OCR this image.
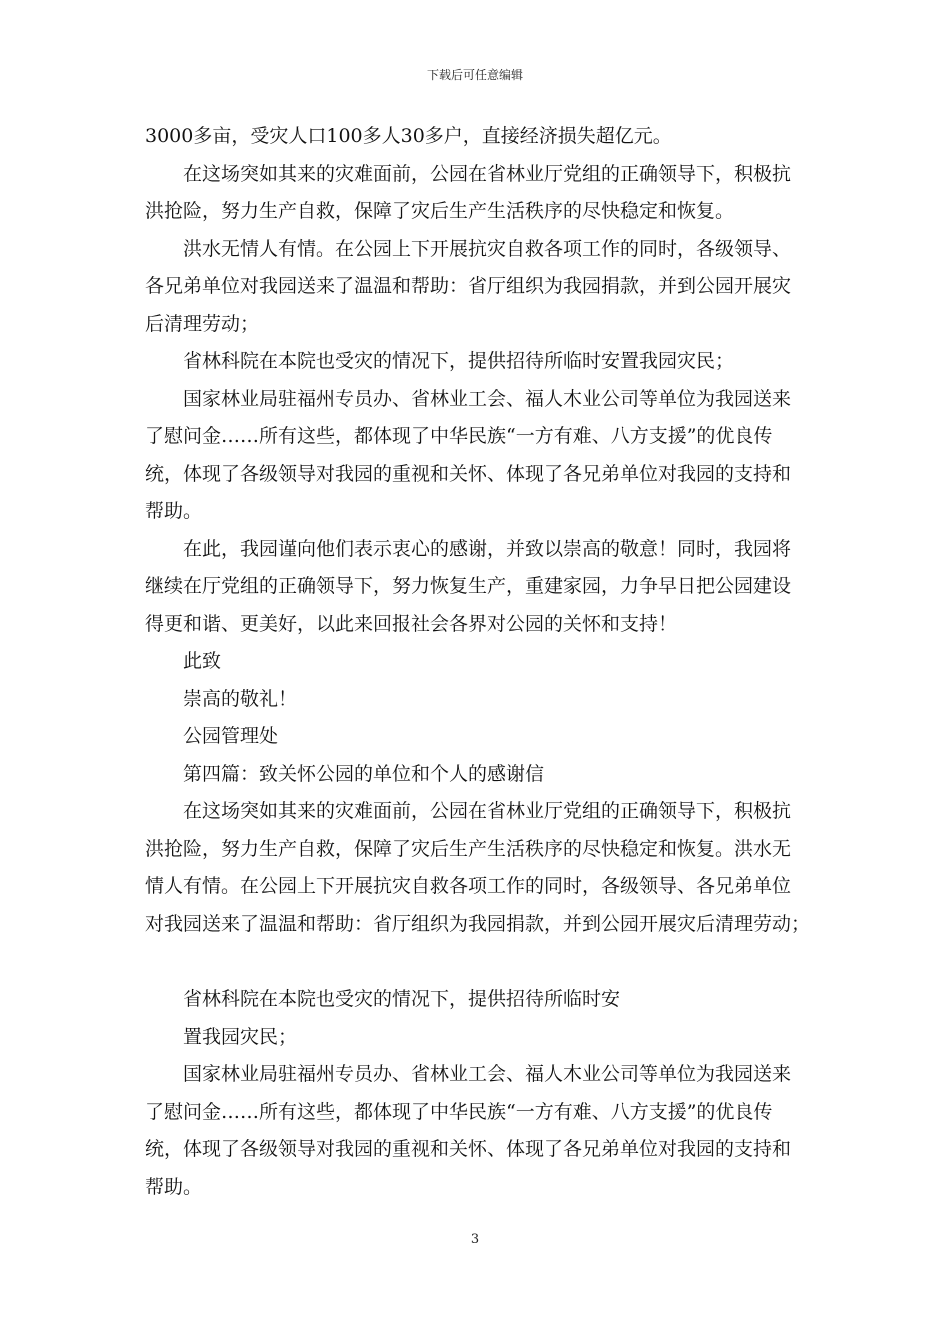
下载后可任意编辑
3000多亩，受灾人口100多人30多户，直接经济损失超亿元。
在这场突如其来的灾难面前，公园在省林业厅党组的正确领导下，积极抗
洪抢险，努力生产自救，保障了灾后生产生活秩序的尽快稳定和恢复。
洪水无情人有情。在公园上下开展抗灾自救各项工作的同时，各级领导、
各兄弟单位对我园送来了温温和帮助：省厅组织为我园捐款，并到公园开展灾
后清理劳动；
省林科院在本院也受灾的情况下，提供招待所临时安置我园灾民；
国家林业局驻福州专员办、省林业工会、福人木业公司等单位为我园送来
了慰问金……所有这些，都体现了中华民族“一方有难、八方支援”的优良传
统，体现了各级领导对我园的重视和关怀、体现了各兄弟单位对我园的支持和
帮助。
在此，我园谨向他们表示衷心的感谢，并致以崇高的敬意！同时，我园将
继续在厅党组的正确领导下，努力恢复生产，重建家园，力争早日把公园建设
得更和谐、更美好，以此来回报社会各界对公园的关怀和支持！
此致
崇高的敬礼！
公园管理处
第四篇：致关怀公园的单位和个人的感谢信
在这场突如其来的灾难面前，公园在省林业厅党组的正确领导下，积极抗
洪抢险，努力生产自救，保障了灾后生产生活秩序的尽快稳定和恢复。洪水无
情人有情。在公园上下开展抗灾自救各项工作的同时，各级领导、各兄弟单位
对我园送来了温温和帮助：省厅组织为我园捐款，并到公园开展灾后清理劳动；
省林科院在本院也受灾的情况下，提供招待所临时安
置我园灾民；
国家林业局驻福州专员办、省林业工会、福人木业公司等单位为我园送来
了慰问金……所有这些，都体现了中华民族“一方有难、八方支援”的优良传
统，体现了各级领导对我园的重视和关怀、体现了各兄弟单位对我园的支持和
帮助。
3
